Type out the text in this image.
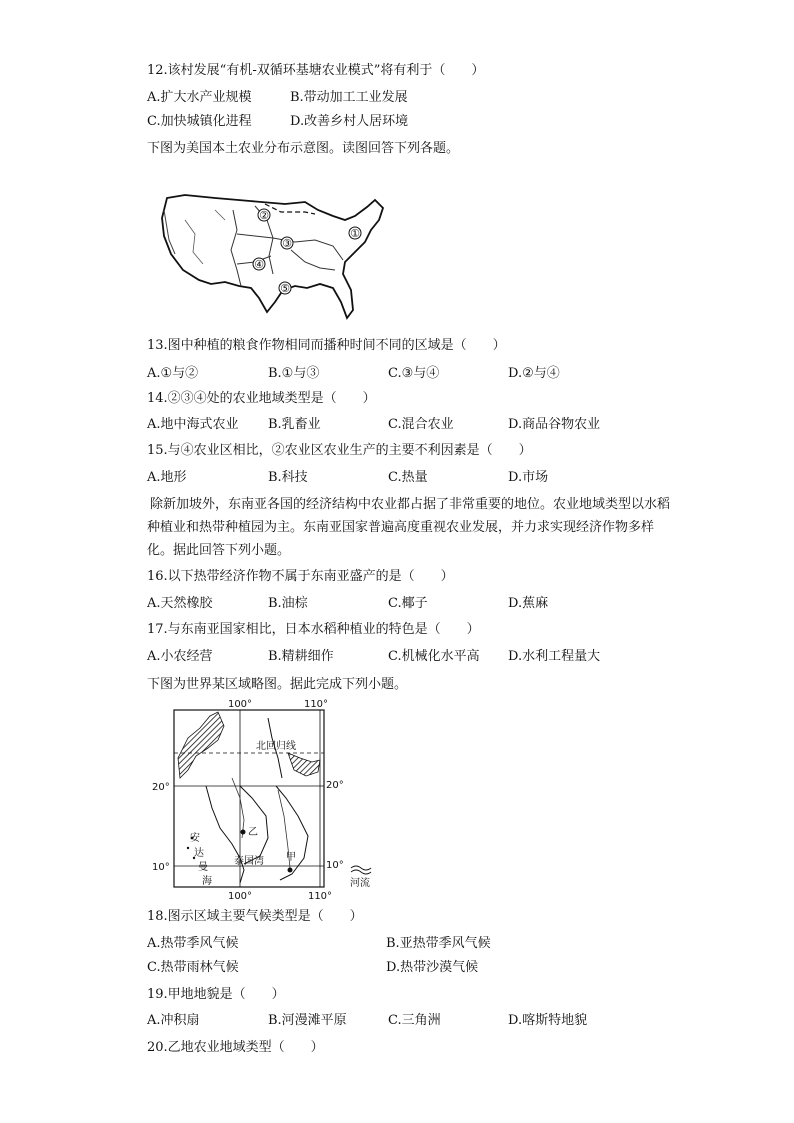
12.该村发展“有机-双循环基塘农业模式”将有利于（　　）
A.扩大水产业规模	B.带动加工工业发展
C.加快城镇化进程	D.改善乡村人居环境
下图为美国本土农业分布示意图。读图回答下列各题。
②
①
③
④
⑤
13.图中种植的粮食作物相同而播种时间不同的区域是（　　）
A.①与②	B.①与③	C.③与④	D.②与④
14.②③④处的农业地域类型是（　　）
A.地中海式农业 B.乳畜业	C.混合农业	D.商品谷物农业
15.与④农业区相比，②农业区农业生产的主要不利因素是（　　）
A.地形	B.科技	C.热量	D.市场
除新加坡外，东南亚各国的经济结构中农业都占据了非常重要的地位。农业地域类型以水稻种植业和热带种植园为主。东南亚国家普遍高度重视农业发展，并力求实现经济作物多样化。据此回答下列小题。
16.以下热带经济作物不属于东南亚盛产的是（　　）
A.天然橡胶	B.油棕	C.椰子	D.蕉麻
17.与东南亚国家相比，日本水稻种植业的特色是（　　）
A.小农经营	B.精耕细作	C.机械化水平高 D.水利工程量大
下图为世界某区域略图。据此完成下列小题。
100°	110°
100°	110°
20°
10°
20°
10°
北回归线
安
达
曼
海
泰国湾
乙
甲
河流
18.图示区域主要气候类型是（　　）
A.热带季风气候	B.亚热带季风气候
C.热带雨林气候	D.热带沙漠气候
19.甲地地貌是（　　）
A.冲积扇	B.河漫滩平原	C.三角洲	D.喀斯特地貌
20.乙地农业地域类型（　　）
